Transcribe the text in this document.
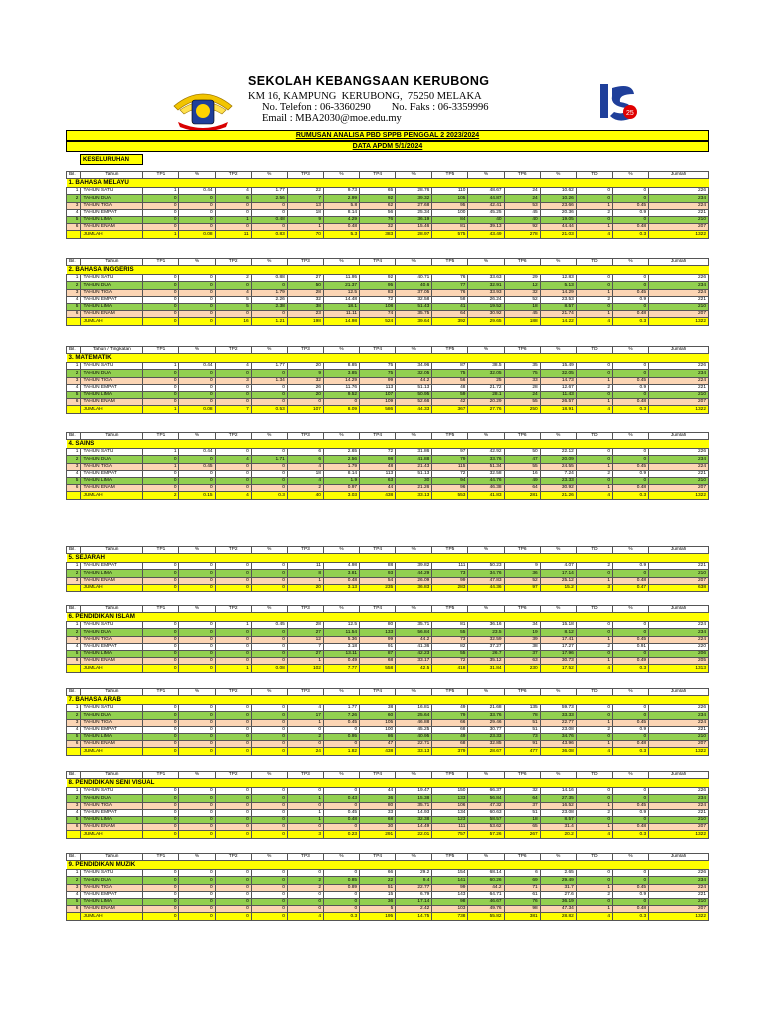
SEKOLAH KEBANGSAAN KERUBONG
KM 16, KAMPUNG  KERUBONG,  75250 MELAKA
No. Telefon : 06-3360290        No. Faks : 06-3359996
Email : MBA2030@moe.edu.my	25
RUMUSAN ANALISA PBD SPPB PENGGAL 2 2023/2024
DATA APDM 5/1/2024
KESELURUHAN
Bil.	Tahun	TP1	%	TP2	%	TP3	%	TP4	%	TP5	%	TP6	%	TD	%	Jumlah
1. BAHASA MELAYU																
1	TAHUN SATU	1	0.44	4	1.77	22	9.73	65	28.76	110	48.67	24	10.62	0	0	226
2	TAHUN DUA	0	0	6	2.56	7	2.99	92	39.32	105	44.87	24	10.26	0	0	234
3	TAHUN TIGA	0	0	0	0	13	5.8	62	27.68	95	42.41	53	23.66	1	0.45	224
4	TAHUN EMPAT	0	0	0	0	18	8.14	56	25.34	100	45.25	45	20.36	2	0.9	221
5	TAHUN LIMA	0	0	1	0.48	9	4.29	76	36.19	84	40	40	19.05	0	0	210
6	TAHUN ENAM	0	0	0	0	1	0.48	32	15.46	81	39.13	92	44.44	1	0.48	207
	JUMLAH	1	0.08	11	0.83	70	5.3	383	28.97	575	43.49	278	21.03	4	0.3	1322
Bil.	Tahun	TP1	%	TP2	%	TP3	%	TP4	%	TP5	%	TP6	%	TD	%	Jumlah
2. BAHASA INGGERIS																
1	TAHUN SATU	0	0	2	0.88	27	11.95	92	40.71	76	33.63	29	12.83	0	0	226
2	TAHUN DUA	0	0	0	0	50	21.37	95	40.6	77	32.91	12	5.13	0	0	234
3	TAHUN TIGA	0	0	4	1.79	28	12.5	83	37.05	76	33.93	32	14.29	1	0.45	224
4	TAHUN EMPAT	0	0	5	2.26	32	14.48	72	32.58	58	26.24	52	23.53	2	0.9	221
5	TAHUN LIMA	0	0	5	2.38	38	18.1	108	51.43	41	19.52	18	8.57	0	0	210
6	TAHUN ENAM	0	0	0	0	23	11.11	74	35.75	64	30.92	45	21.74	1	0.48	207
	JUMLAH	0	0	16	1.21	198	14.98	524	39.64	392	29.65	188	14.22	4	0.3	1322
Bil.	Tahun / Tingkatan	TP1	%	TP2	%	TP3	%	TP4	%	TP5	%	TP6	%	TD	%	Jumlah
3. MATEMATIK																
1	TAHUN SATU	1	0.44	4	1.77	20	8.85	75	34.96	87	38.5	35	15.49	0	0	226
2	TAHUN DUA	0	0	0	0	9	3.85	75	32.05	75	32.05	75	32.05	0	0	234
3	TAHUN TIGA	0	0	3	1.34	32	14.29	99	44.2	56	25	33	14.73	1	0.45	224
4	TAHUN EMPAT	0	0	0	0	26	11.76	113	51.13	48	21.72	28	12.67	2	0.9	221
5	TAHUN LIMA	0	0	0	0	20	9.52	107	50.95	59	28.1	24	11.43	0	0	210
6	TAHUN ENAM	0	0	0	0	0	0	109	52.66	42	20.29	55	26.57	1	0.48	207
	JUMLAH	1	0.08	7	0.53	107	8.09	586	44.33	367	27.76	250	18.91	4	0.3	1322
Bil.	Tahun	TP1	%	TP2	%	TP3	%	TP4	%	TP5	%	TP6	%	TD	%	Jumlah
4. SAINS																
1	TAHUN SATU	1	0.44	0	0	6	2.65	72	31.86	97	42.92	50	22.12	0	0	226
2	TAHUN DUA	0	0	4	1.71	6	2.56	98	41.88	79	33.76	47	20.09	0	0	234
3	TAHUN TIGA	1	0.45	0	0	4	1.79	48	21.43	115	51.34	55	24.55	1	0.45	224
4	TAHUN EMPAT	0	0	0	0	18	8.14	113	51.13	72	32.58	16	7.24	2	0.9	221
5	TAHUN LIMA	0	0	0	0	4	1.9	63	30	94	44.76	49	23.33	0	0	210
6	TAHUN ENAM	0	0	0	0	2	0.97	44	21.26	96	46.38	64	30.92	1	0.48	207
	JUMLAH	2	0.15	4	0.3	40	3.03	438	33.13	553	41.83	281	21.26	4	0.3	1322
Bil.	Tahun	TP1	%	TP2	%	TP3	%	TP4	%	TP5	%	TP6	%	TD	%	Jumlah
5. SEJARAH																
1	TAHUN EMPAT	0	0	0	0	11	4.98	88	39.82	111	50.23	9	4.07	2	0.9	221
2	TAHUN LIMA	0	0	0	0	8	3.81	93	44.29	73	34.76	36	17.14	0	0	210
3	TAHUN ENAM	0	0	0	0	1	0.48	54	26.09	99	47.83	52	25.12	1	0.48	207
	JUMLAH	0	0	0	0	20	3.13	235	36.83	283	44.36	97	15.2	3	0.47	638
Bil.	Tahun	TP1	%	TP2	%	TP3	%	TP4	%	TP5	%	TP6	%	TD	%	Jumlah
6. PENDIDIKAN ISLAM																
1	TAHUN SATU	0	0	1	0.45	28	12.5	80	35.71	81	36.16	34	15.18	0	0	224
2	TAHUN DUA	0	0	0	0	27	11.54	133	56.84	55	23.5	19	8.12	0	0	234
3	TAHUN TIGA	0	0	0	0	12	5.36	99	44.2	73	32.59	39	17.41	1	0.45	224
4	TAHUN EMPAT	0	0	0	0	7	3.18	91	41.36	82	37.27	38	17.27	2	0.91	220
5	TAHUN LIMA	0	0	0	0	27	13.11	87	42.23	55	26.7	37	17.96	0	0	206
6	TAHUN ENAM	0	0	0	0	1	0.49	68	33.17	72	35.12	63	30.73	1	0.49	205
	JUMLAH	0	0	1	0.08	102	7.77	558	42.5	418	31.84	230	17.52	4	0.3	1313
Bil.	Tahun	TP1	%	TP2	%	TP3	%	TP4	%	TP5	%	TP6	%	TD	%	Jumlah
7. BAHASA ARAB																
1	TAHUN SATU	0	0	0	0	4	1.77	38	16.81	49	21.68	135	59.73	0	0	226
2	TAHUN DUA	0	0	0	0	17	7.26	60	25.64	79	33.76	78	33.33	0	0	234
3	TAHUN TIGA	0	0	0	0	1	0.45	105	46.88	66	29.46	51	22.77	1	0.45	224
4	TAHUN EMPAT	0	0	0	0	0	0	100	45.25	68	30.77	51	23.08	2	0.9	221
5	TAHUN LIMA	0	0	0	0	2	0.95	86	40.95	49	23.33	73	34.76	0	0	210
6	TAHUN ENAM	0	0	0	0	0	0	47	22.71	68	32.85	91	43.96	1	0.48	207
	JUMLAH	0	0	0	0	24	1.82	438	33.13	379	28.67	477	36.08	4	0.3	1322
Bil.	Tahun	TP1	%	TP2	%	TP3	%	TP4	%	TP5	%	TP6	%	TD	%	Jumlah
8. PENDIDIKAN SENI VISUAL																
1	TAHUN SATU	0	0	0	0	0	0	44	19.47	150	66.37	32	14.16	0	0	226
2	TAHUN DUA	0	0	0	0	1	0.43	36	15.38	133	56.84	64	27.35	0	0	234
3	TAHUN TIGA	0	0	0	0	0	0	80	35.71	106	47.32	37	16.52	1	0.45	224
4	TAHUN EMPAT	0	0	0	0	1	0.45	33	14.93	134	60.63	51	23.08	2	0.9	221
5	TAHUN LIMA	0	0	0	0	1	0.48	68	32.38	123	58.57	18	8.57	0	0	210
6	TAHUN ENAM	0	0	0	0	0	0	30	14.49	111	53.62	65	31.4	1	0.48	207
	JUMLAH	0	0	0	0	3	0.23	291	22.01	757	57.26	267	20.2	4	0.3	1322
Bil.	Tahun	TP1	%	TP2	%	TP3	%	TP4	%	TP5	%	TP6	%	TD	%	Jumlah
9. PENDIDIKAN MUZIK																
1	TAHUN SATU	0	0	0	0	0	0	66	29.2	154	68.14	6	2.65	0	0	226
2	TAHUN DUA	0	0	0	0	2	0.85	22	9.4	141	60.26	69	29.49	0	0	234
3	TAHUN TIGA	0	0	0	0	2	0.89	51	22.77	99	44.2	71	31.7	1	0.45	224
4	TAHUN EMPAT	0	0	0	0	0	0	15	6.79	143	64.71	61	27.6	2	0.9	221
5	TAHUN LIMA	0	0	0	0	0	0	36	17.14	98	46.67	76	36.19	0	0	210
6	TAHUN ENAM	0	0	0	0	0	0	5	2.42	103	49.76	98	47.34	1	0.48	207
	JUMLAH	0	0	0	0	4	0.3	195	14.75	738	55.82	381	28.82	4	0.3	1322
